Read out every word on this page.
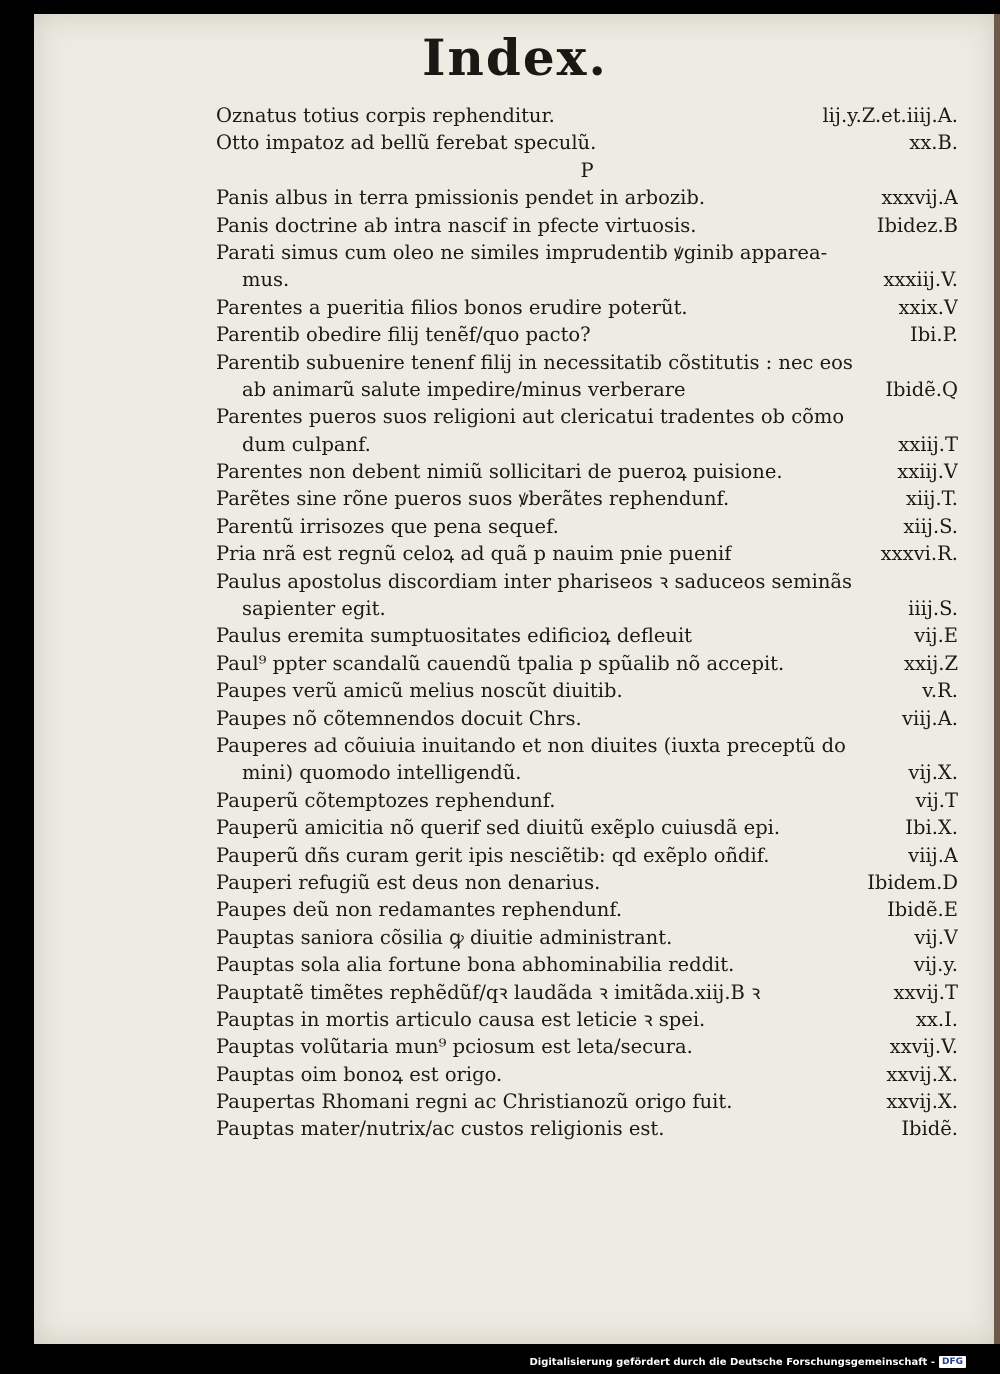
Index.
Oznatus totius corpis rephenditur.	lij.y.Z.et.iiij.A.
Otto impatoz ad bellũ ferebat speculũ.	xx.B.
P
Panis albus in terra pmissionis pendet in arbozib.	xxxvij.A
Panis doctrine ab intra nascif in pfecte virtuosis.	Ibidez.B
Parati simus cum oleo ne similes imprudentib ꝟginib apparea-
mus.	xxxiij.V.
Parentes a pueritia filios bonos erudire poterũt.	xxix.V
Parentib obedire filij tenẽf/quo pacto?	Ibi.P.
Parentib subuenire tenenf filij in necessitatib cõstitutis : nec eos
ab animarũ salute impedire/minus verberare	Ibidẽ.Q
Parentes pueros suos religioni aut clericatui tradentes ob cõmo
dum culpanf.	xxiij.T
Parentes non debent nimiũ sollicitari de pueroꝝ puisione.	xxiij.V
Parẽtes sine rõne pueros suos ꝟberãtes rephendunf.	xiij.T.
Parentũ irrisozes que pena sequef.	xiij.S.
Pria nrã est regnũ celoꝝ ad quã p nauim pnie puenif	xxxvi.R.
Paulus apostolus discordiam inter phariseos ꝛ saduceos seminãs
sapienter egit.	iiij.S.
Paulus eremita sumptuositates edificioꝝ defleuit	vij.E
Paul⁹ ppter scandalũ cauendũ tpalia p spũalib nõ accepit.	xxij.Z
Paupes verũ amicũ melius noscũt diuitib.	v.R.
Paupes nõ cõtemnendos docuit Chrs.	viij.A.
Pauperes ad cõuiuia inuitando et non diuites (iuxta preceptũ do
mini) quomodo intelligendũ.	vij.X.
Pauperũ cõtemptozes rephendunf.	vij.T
Pauperũ amicitia nõ querif sed diuitũ exẽplo cuiusdã epi.	Ibi.X.
Pauperũ dñs curam gerit ipis nesciẽtib: qd exẽplo oñdif.	viij.A
Pauperi refugiũ est deus non denarius.	Ibidem.D
Paupes deũ non redamantes rephendunf.	Ibidẽ.E
Pauptas saniora cõsilia ꝙ diuitie administrant.	vij.V
Pauptas sola alia fortune bona abhominabilia reddit.	vij.y.
Pauptatẽ timẽtes rephẽdũf/qꝛ laudãda ꝛ imitãda.xiij.B ꝛ	xxvij.T
Pauptas in mortis articulo causa est leticie ꝛ spei.	xx.I.
Pauptas volũtaria mun⁹ pciosum est leta/secura.	xxvij.V.
Pauptas oim bonoꝝ est origo.	xxvij.X.
Paupertas Rhomani regni ac Christianozũ origo fuit.	xxvij.X.
Pauptas mater/nutrix/ac custos religionis est.	Ibidẽ.
Digitalisierung gefördert durch die Deutsche Forschungsgemeinschaft - DFG
